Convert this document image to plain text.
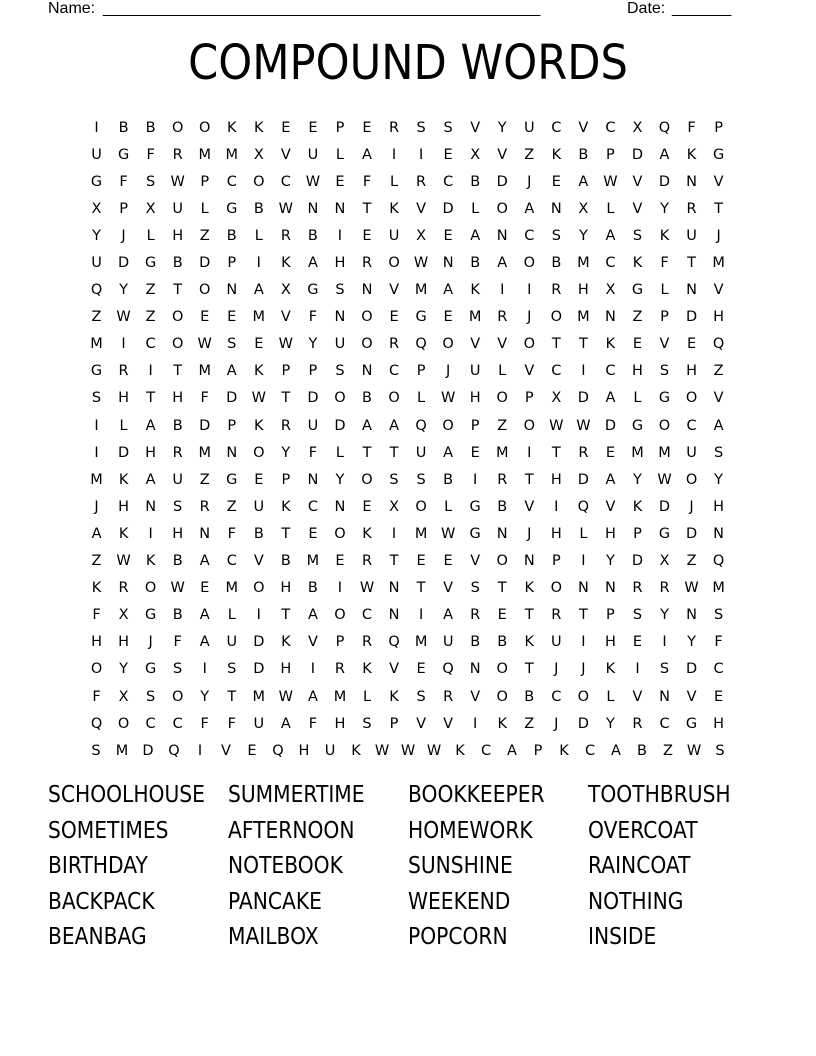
Name: ____________________________________________________	Date: _______
COMPOUND WORDS
I	B	B	O	O	K	K	E	E	P	E	R	S	S	V	Y	U	C	V	C	X	Q	F	P
U	G	F	R	M	M	X	V	U	L	A	I	I	E	X	V	Z	K	B	P	D	A	K	G
G	F	S	W	P	C	O	C	W	E	F	L	R	C	B	D	J	E	A	W	V	D	N	V
X	P	X	U	L	G	B	W N	N	T	K	V	D	L	O	A	N	X	L	V	Y	R	T
Y	J	L	H	Z	B	L	R	B	I	E	U	X	E	A	N	C	S	Y	A	S	K	U	J
U	D	G	B	D	P	I	K	A	H	R	O W N	B	A	O	B	M	C	K	F	T	M
Q	Y	Z	T	O	N	A	X	G	S	N	V	M	A	K	I	I	R	H	X	G	L	N	V
Z	W	Z	O	E	E	M	V	F	N	O	E	G	E	M	R	J	O	M	N	Z	P	D	H
M	I	C	O W	S	E	W	Y	U	O	R	Q	O	V	V	O	T	T	K	E	V	E	Q
G	R	I	T	M	A	K	P	P	S	N	C	P	J	U	L	V	C	I	C	H	S	H	Z
S	H	T	H	F	D W	T	D	O	B	O	L	W H	O	P	X	D	A	L	G	O	V
I	L	A	B	D	P	K	R	U	D	A	A	Q	O	P	Z	O W W D	G	O	C	A
I	D	H	R	M	N	O	Y	F	L	T	T	U	A	E	M	I	T	R	E	M	M	U	S
M	K	A	U	Z	G	E	P	N	Y	O	S	S	B	I	R	T	H	D	A	Y	W O	Y
J	H	N	S	R	Z	U	K	C	N	E	X	O	L	G	B	V	I	Q	V	K	D	J	H
A	K	I	H	N	F	B	T	E	O	K	I	M W G	N	J	H	L	H	P	G	D	N
Z	W	K	B	A	C	V	B	M	E	R	T	E	E	V	O	N	P	I	Y	D	X	Z	Q
K	R	O W	E	M	O	H	B	I	W N	T	V	S	T	K	O	N	N	R	R	W M
F	X	G	B	A	L	I	T	A	O	C	N	I	A	R	E	T	R	T	P	S	Y	N	S
H	H	J	F	A	U	D	K	V	P	R	Q	M	U	B	B	K	U	I	H	E	I	Y	F
O	Y	G	S	I	S	D	H	I	R	K	V	E	Q	N	O	T	J	J	K	I	S	D	C
F	X	S	O	Y	T	M W	A	M	L	K	S	R	V	O	B	C	O	L	V	N	V	E
Q	O	C	C	F	F	U	A	F	H	S	P	V	V	I	K	Z	J	D	Y	R	C	G	H
S	M D	Q	I	V	E	Q	H	U	K W W W K	C	A	P	K	C	A	B	Z W S
SCHOOLHOUSE	SUMMERTIME	BOOKKEEPER	TOOTHBRUSH
SOMETIMES	AFTERNOON	HOMEWORK	OVERCOAT
BIRTHDAY	NOTEBOOK	SUNSHINE	RAINCOAT
BACKPACK	PANCAKE	WEEKEND	NOTHING
BEANBAG	MAILBOX	POPCORN	INSIDE
